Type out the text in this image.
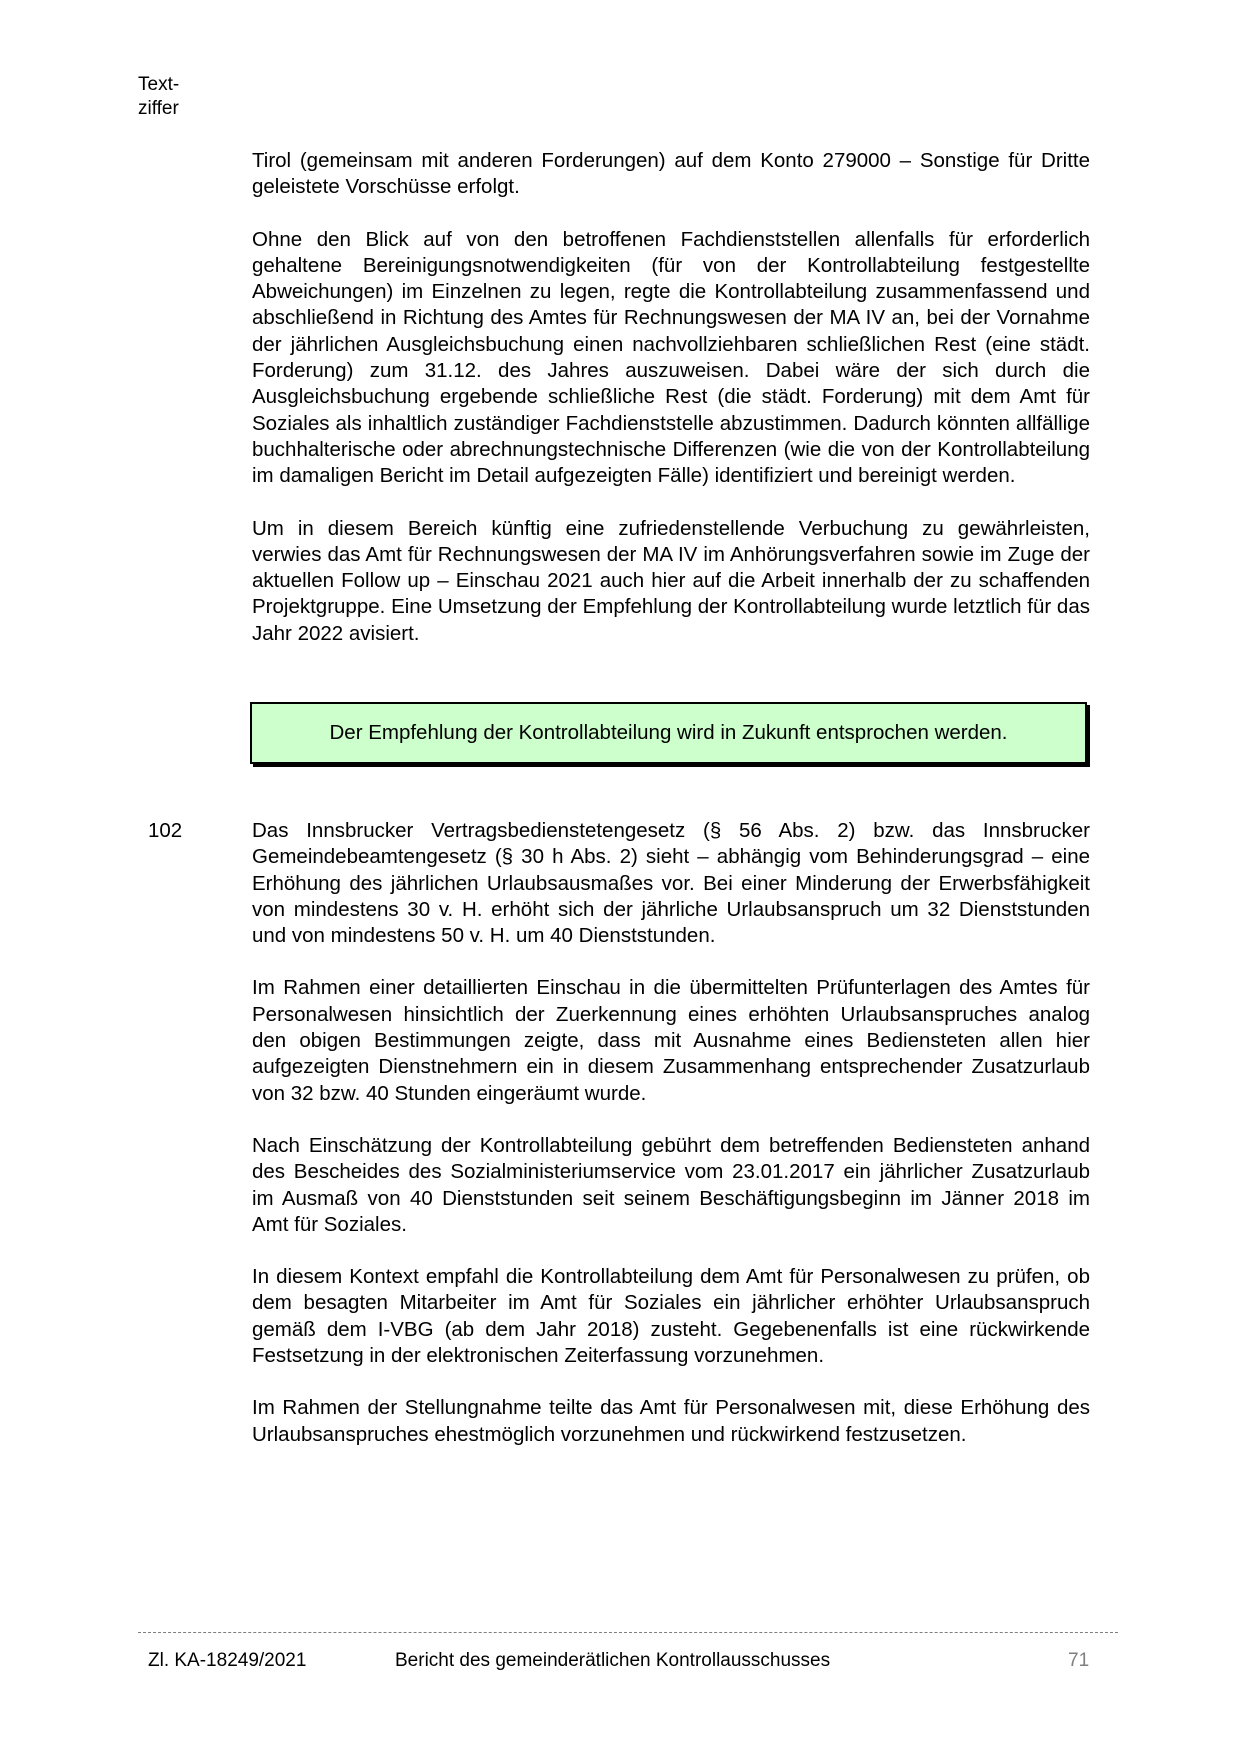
Text-
ziffer

Tirol (gemeinsam mit anderen Forderungen) auf dem Konto 279000 – Sonstige für Dritte geleistete Vorschüsse erfolgt.

Ohne den Blick auf von den betroffenen Fachdienststellen allenfalls für erforderlich gehaltene Bereinigungsnotwendigkeiten (für von der Kontrollabteilung festgestellte Abweichungen) im Einzelnen zu legen, regte die Kontrollabteilung zusammenfassend und abschließend in Richtung des Amtes für Rechnungswesen der MA IV an, bei der Vornahme der jährlichen Ausgleichsbuchung einen nachvollziehbaren schließlichen Rest (eine städt. Forderung) zum 31.12. des Jahres auszuweisen. Dabei wäre der sich durch die Ausgleichsbuchung ergebende schließliche Rest (die städt. Forderung) mit dem Amt für Soziales als inhaltlich zuständiger Fachdienststelle abzustimmen. Dadurch könnten allfällige buchhalterische oder abrechnungstechnische Differenzen (wie die von der Kontrollabteilung im damaligen Bericht im Detail aufgezeigten Fälle) identifiziert und bereinigt werden.

Um in diesem Bereich künftig eine zufriedenstellende Verbuchung zu gewährleisten, verwies das Amt für Rechnungswesen der MA IV im Anhörungsverfahren sowie im Zuge der aktuellen Follow up – Einschau 2021 auch hier auf die Arbeit innerhalb der zu schaffenden Projektgruppe. Eine Umsetzung der Empfehlung der Kontrollabteilung wurde letztlich für das Jahr 2022 avisiert.

Der Empfehlung der Kontrollabteilung wird in Zukunft entsprochen werden.
102	Das Innsbrucker Vertragsbedienstetengesetz (§ 56 Abs. 2) bzw. das Innsbrucker Gemeindebeamtengesetz (§ 30 h Abs. 2) sieht – abhängig vom Behinderungsgrad – eine Erhöhung des jährlichen Urlaubsausmaßes vor. Bei einer Minderung der Erwerbsfähigkeit von mindestens 30 v. H. erhöht sich der jährliche Urlaubsanspruch um 32 Dienststunden und von mindestens 50 v. H. um 40 Dienststunden.

Im Rahmen einer detaillierten Einschau in die übermittelten Prüfunterlagen des Amtes für Personalwesen hinsichtlich der Zuerkennung eines erhöhten Urlaubsanspruches analog den obigen Bestimmungen zeigte, dass mit Ausnahme eines Bediensteten allen hier aufgezeigten Dienstnehmern ein in diesem Zusammenhang entsprechender Zusatzurlaub von 32 bzw. 40 Stunden eingeräumt wurde.

Nach Einschätzung der Kontrollabteilung gebührt dem betreffenden Bediensteten anhand des Bescheides des Sozialministeriumservice vom 23.01.2017 ein jährlicher Zusatzurlaub im Ausmaß von 40 Dienststunden seit seinem Beschäftigungsbeginn im Jänner 2018 im Amt für Soziales.

In diesem Kontext empfahl die Kontrollabteilung dem Amt für Personalwesen zu prüfen, ob dem besagten Mitarbeiter im Amt für Soziales ein jährlicher erhöhter Urlaubsanspruch gemäß dem I-VBG (ab dem Jahr 2018) zusteht. Gegebenenfalls ist eine rückwirkende Festsetzung in der elektronischen Zeiterfassung vorzunehmen.

Im Rahmen der Stellungnahme teilte das Amt für Personalwesen mit, diese Erhöhung des Urlaubsanspruches ehestmöglich vorzunehmen und rückwirkend festzusetzen.

Zl. KA-18249/2021	Bericht des gemeinderätlichen Kontrollausschusses	71
